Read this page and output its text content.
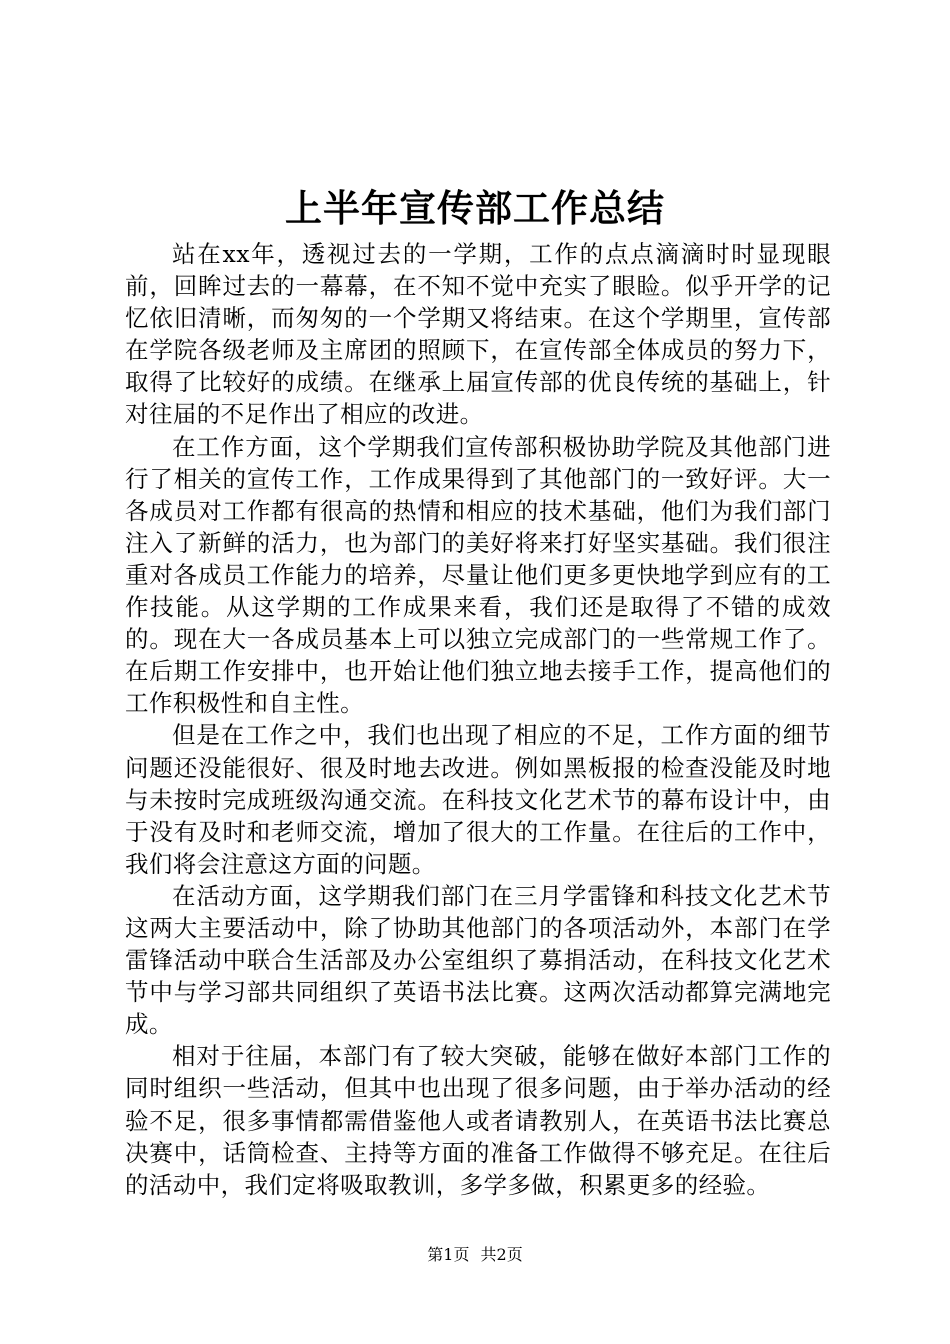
上半年宣传部工作总结

站在xx年，透视过去的一学期，工作的点点滴滴时时显现眼前，回眸过去的一幕幕，在不知不觉中充实了眼睑。似乎开学的记忆依旧清晰，而匆匆的一个学期又将结束。在这个学期里，宣传部在学院各级老师及主席团的照顾下，在宣传部全体成员的努力下，取得了比较好的成绩。在继承上届宣传部的优良传统的基础上，针对往届的不足作出了相应的改进。

在工作方面，这个学期我们宣传部积极协助学院及其他部门进行了相关的宣传工作，工作成果得到了其他部门的一致好评。大一各成员对工作都有很高的热情和相应的技术基础，他们为我们部门注入了新鲜的活力，也为部门的美好将来打好坚实基础。我们很注重对各成员工作能力的培养，尽量让他们更多更快地学到应有的工作技能。从这学期的工作成果来看，我们还是取得了不错的成效的。现在大一各成员基本上可以独立完成部门的一些常规工作了。在后期工作安排中，也开始让他们独立地去接手工作，提高他们的工作积极性和自主性。

但是在工作之中，我们也出现了相应的不足，工作方面的细节问题还没能很好、很及时地去改进。例如黑板报的检查没能及时地与未按时完成班级沟通交流。在科技文化艺术节的幕布设计中，由于没有及时和老师交流，增加了很大的工作量。在往后的工作中，我们将会注意这方面的问题。

在活动方面，这学期我们部门在三月学雷锋和科技文化艺术节这两大主要活动中，除了协助其他部门的各项活动外，本部门在学雷锋活动中联合生活部及办公室组织了募捐活动，在科技文化艺术节中与学习部共同组织了英语书法比赛。这两次活动都算完满地完成。

相对于往届，本部门有了较大突破，能够在做好本部门工作的同时组织一些活动，但其中也出现了很多问题，由于举办活动的经验不足，很多事情都需借鉴他人或者请教别人，在英语书法比赛总决赛中，话筒检查、主持等方面的准备工作做得不够充足。在往后的活动中，我们定将吸取教训，多学多做，积累更多的经验。

第1页 共2页
